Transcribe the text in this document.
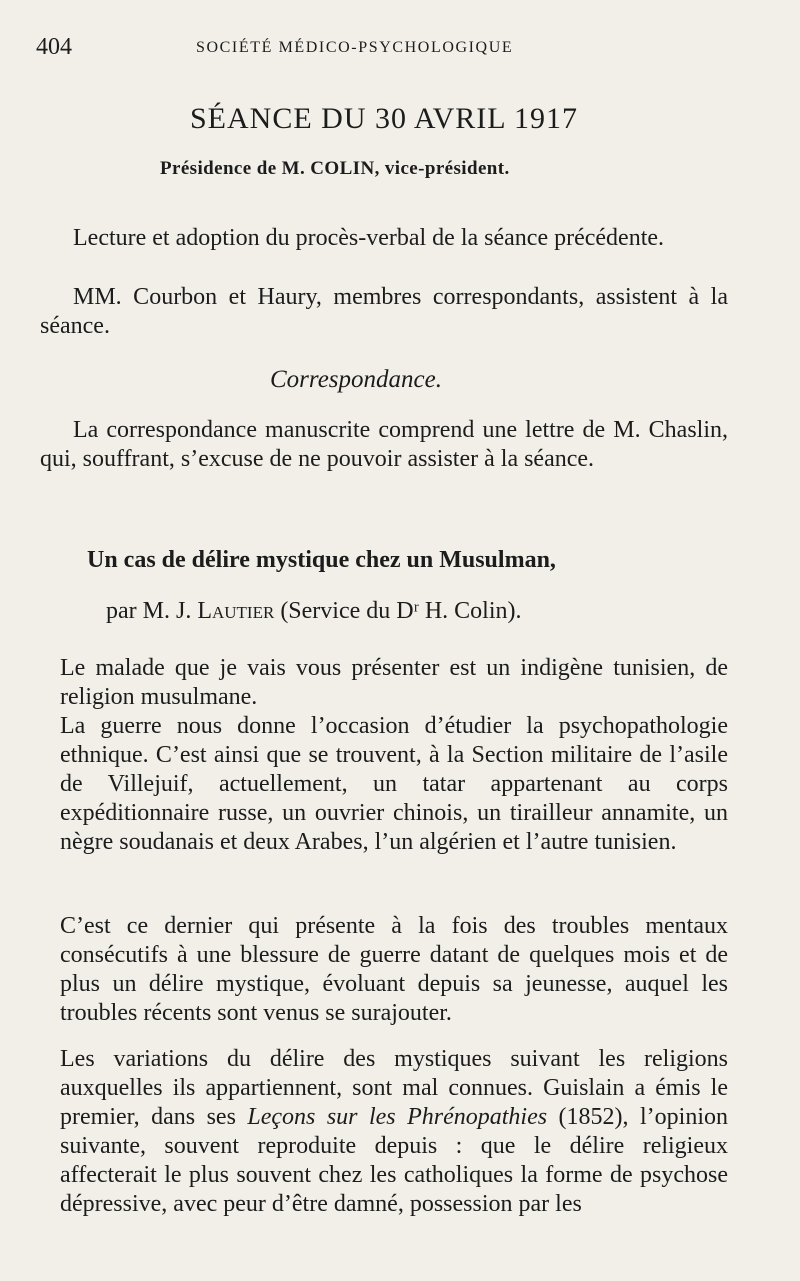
404	SOCIÉTÉ MÉDICO-PSYCHOLOGIQUE
SÉANCE DU 30 AVRIL 1917
Présidence de M. COLIN, vice-président.

Lecture et adoption du procès-verbal de la séance précédente.

MM. Courbon et Haury, membres correspondants, assistent à la séance.

Correspondance.

La correspondance manuscrite comprend une lettre de M. Chaslin, qui, souffrant, s’excuse de ne pouvoir assister à la séance.

Un cas de délire mystique chez un Musulman,
par M. J. Lautier (Service du Dʳ H. Colin).

Le malade que je vais vous présenter est un indigène tunisien, de religion musulmane.

La guerre nous donne l’occasion d’étudier la psychopathologie ethnique. C’est ainsi que se trouvent, à la Section militaire de l’asile de Villejuif, actuellement, un tatar appartenant au corps expéditionnaire russe, un ouvrier chinois, un tirailleur annamite, un nègre soudanais et deux Arabes, l’un algérien et l’autre tunisien.

C’est ce dernier qui présente à la fois des troubles mentaux consécutifs à une blessure de guerre datant de quelques mois et de plus un délire mystique, évoluant depuis sa jeunesse, auquel les troubles récents sont venus se surajouter.

Les variations du délire des mystiques suivant les religions auxquelles ils appartiennent, sont mal connues. Guislain a émis le premier, dans ses Leçons sur les Phrénopathies (1852), l’opinion suivante, souvent reproduite depuis : que le délire religieux affecterait le plus souvent chez les catholiques la forme de psychose dépressive, avec peur d’être damné, possession par les
